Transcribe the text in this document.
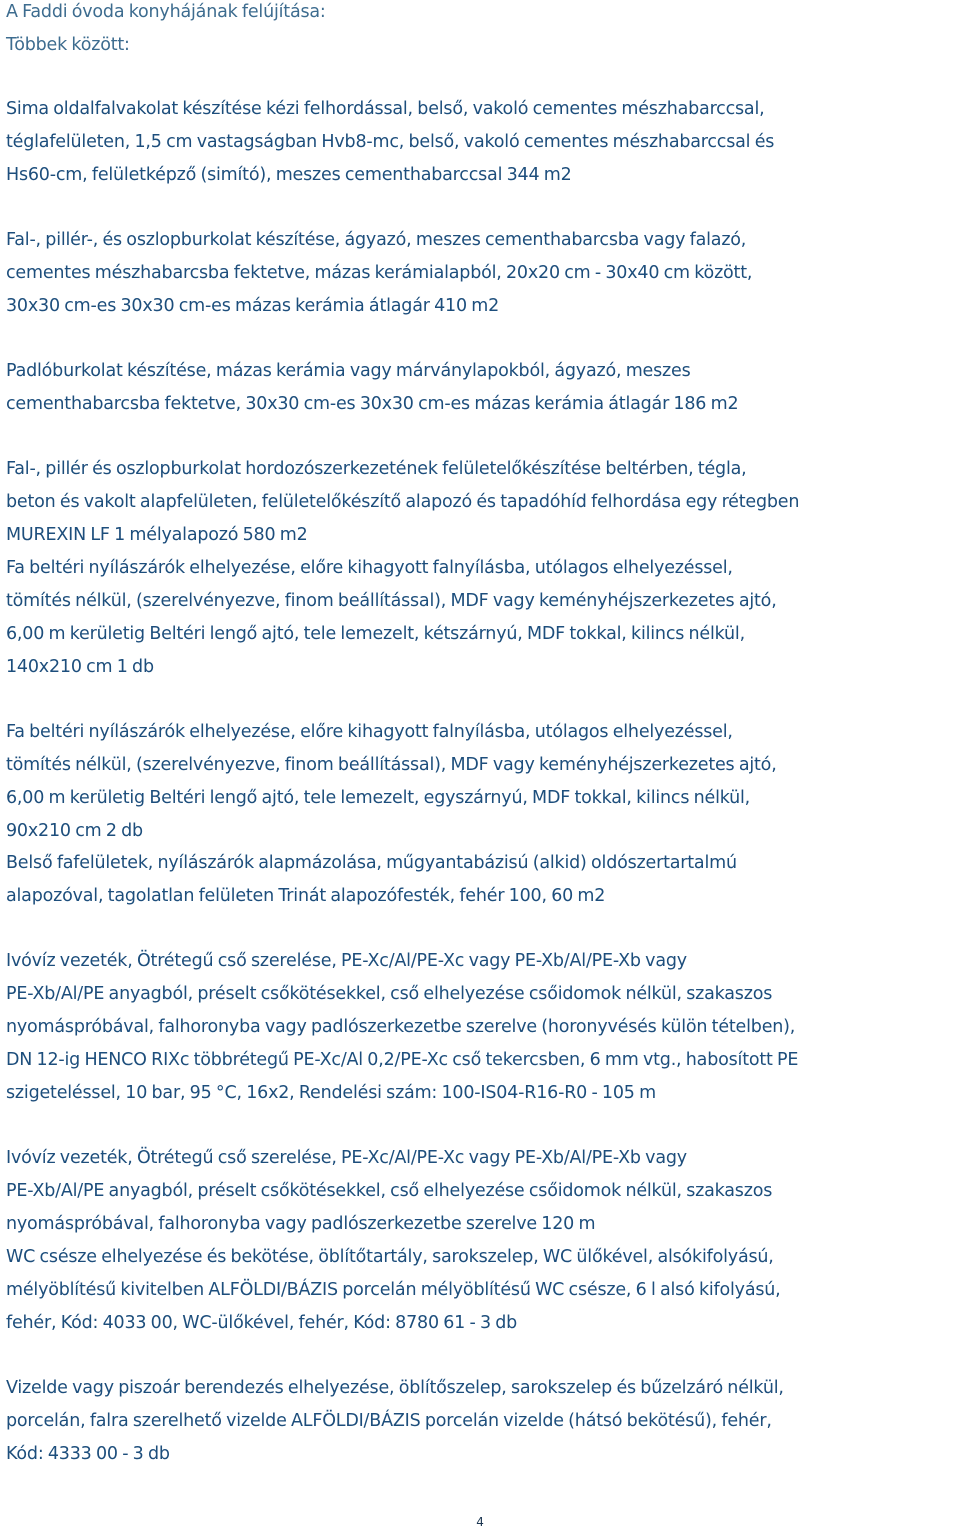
A Faddi óvoda konyhájának felújítása:
Többek között:
Sima oldalfalvakolat készítése kézi felhordással, belső, vakoló cementes mészhabarccsal,
téglafelületen, 1,5 cm vastagságban Hvb8-mc, belső, vakoló cementes mészhabarccsal és
Hs60-cm, felületképző (simító), meszes cementhabarccsal 344 m2
Fal-, pillér-, és oszlopburkolat készítése, ágyazó, meszes cementhabarcsba vagy falazó,
cementes mészhabarcsba fektetve, mázas kerámialapból, 20x20 cm - 30x40 cm között,
30x30 cm-es 30x30 cm-es mázas kerámia átlagár 410 m2
Padlóburkolat készítése, mázas kerámia vagy márványlapokból, ágyazó, meszes
cementhabarcsba fektetve, 30x30 cm-es 30x30 cm-es mázas kerámia átlagár 186 m2
Fal-, pillér és oszlopburkolat hordozószerkezetének felületelőkészítése beltérben, tégla,
beton és vakolt alapfelületen, felületelőkészítő alapozó és tapadóhíd felhordása egy rétegben
MUREXIN LF 1 mélyalapozó 580 m2
Fa beltéri nyílászárók elhelyezése, előre kihagyott falnyílásba, utólagos elhelyezéssel,
tömítés nélkül, (szerelvényezve, finom beállítással), MDF vagy keményhéjszerkezetes ajtó,
6,00 m kerületig Beltéri lengő ajtó, tele lemezelt, kétszárnyú, MDF tokkal, kilincs nélkül,
140x210 cm 1 db
Fa beltéri nyílászárók elhelyezése, előre kihagyott falnyílásba, utólagos elhelyezéssel,
tömítés nélkül, (szerelvényezve, finom beállítással), MDF vagy keményhéjszerkezetes ajtó,
6,00 m kerületig Beltéri lengő ajtó, tele lemezelt, egyszárnyú, MDF tokkal, kilincs nélkül,
90x210 cm 2 db
Belső fafelületek, nyílászárók alapmázolása, műgyantabázisú (alkid) oldószertartalmú
alapozóval, tagolatlan felületen Trinát alapozófesték, fehér 100, 60 m2
Ivóvíz vezeték, Ötrétegű cső szerelése, PE-Xc/Al/PE-Xc vagy PE-Xb/Al/PE-Xb vagy
PE-Xb/Al/PE anyagból, préselt csőkötésekkel, cső elhelyezése csőidomok nélkül, szakaszos
nyomáspróbával, falhoronyba vagy padlószerkezetbe szerelve (horonyvésés külön tételben),
DN 12-ig HENCO RIXc többrétegű PE-Xc/Al 0,2/PE-Xc cső tekercsben, 6 mm vtg., habosított PE
szigeteléssel, 10 bar, 95 °C, 16x2, Rendelési szám: 100-IS04-R16-R0 - 105 m
Ivóvíz vezeték, Ötrétegű cső szerelése, PE-Xc/Al/PE-Xc vagy PE-Xb/Al/PE-Xb vagy
PE-Xb/Al/PE anyagból, préselt csőkötésekkel, cső elhelyezése csőidomok nélkül, szakaszos
nyomáspróbával, falhoronyba vagy padlószerkezetbe szerelve 120 m
WC csésze elhelyezése és bekötése, öblítőtartály, sarokszelep, WC ülőkével, alsókifolyású,
mélyöblítésű kivitelben ALFÖLDI/BÁZIS porcelán mélyöblítésű WC csésze, 6 l alsó kifolyású,
fehér, Kód: 4033 00, WC-ülőkével, fehér, Kód: 8780 61 - 3 db
Vizelde vagy piszoár berendezés elhelyezése, öblítőszelep, sarokszelep és bűzelzáró nélkül,
porcelán, falra szerelhető vizelde ALFÖLDI/BÁZIS porcelán vizelde (hátsó bekötésű), fehér,
Kód: 4333 00 - 3 db
4
